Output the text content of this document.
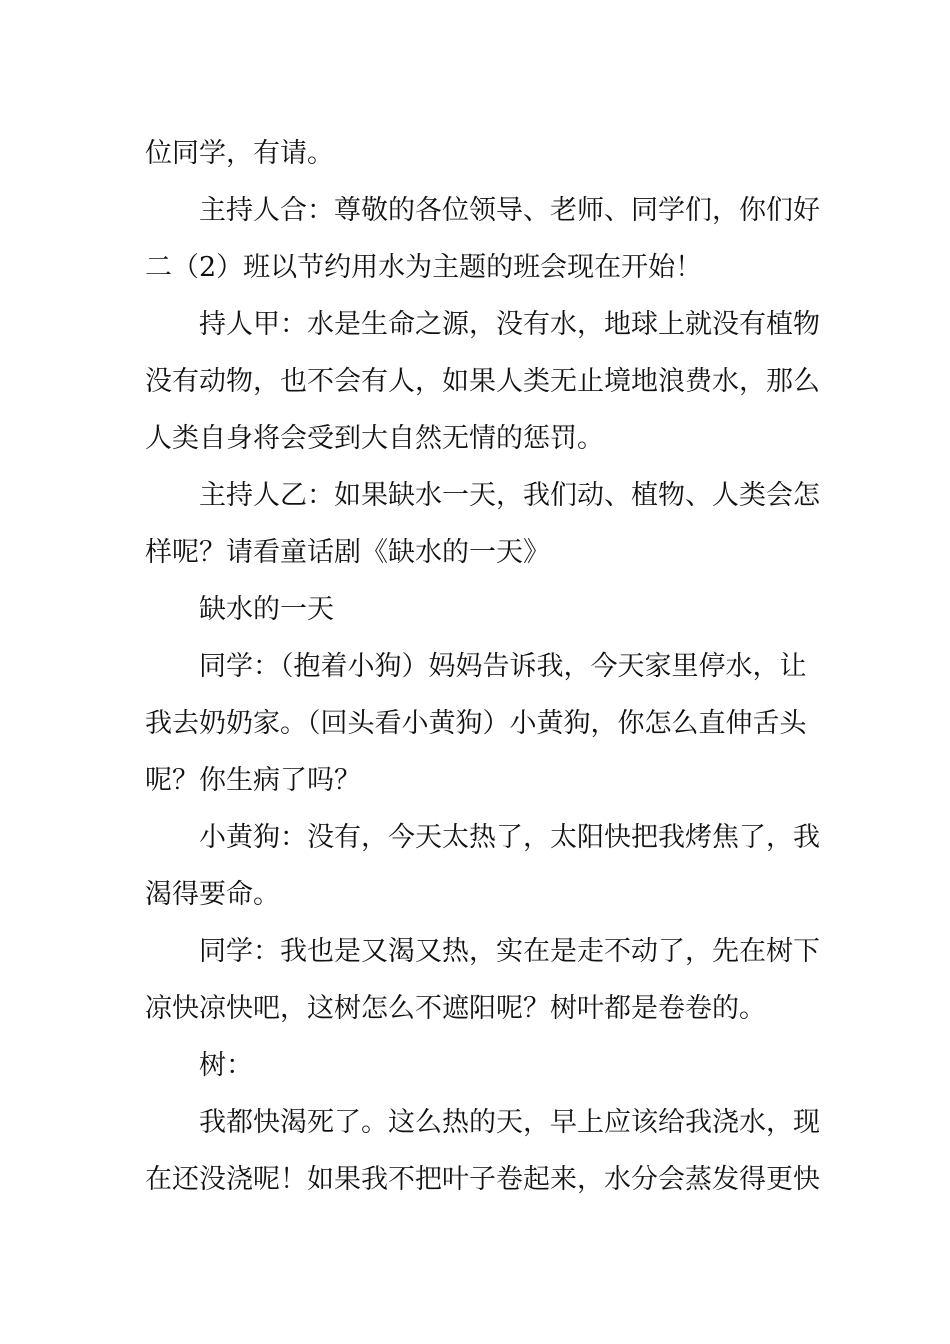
位同学，有请。
主持人合：尊敬的各位领导、老师、同学们，你们好
二（2）班以节约用水为主题的班会现在开始！
持人甲：水是生命之源，没有水，地球上就没有植物
没有动物，也不会有人，如果人类无止境地浪费水，那么
人类自身将会受到大自然无情的惩罚。
主持人乙：如果缺水一天，我们动、植物、人类会怎
样呢？请看童话剧《缺水的一天》
缺水的一天
同学：（抱着小狗）妈妈告诉我，今天家里停水，让
我去奶奶家。（回头看小黄狗）小黄狗，你怎么直伸舌头
呢？你生病了吗？
小黄狗：没有，今天太热了，太阳快把我烤焦了，我
渴得要命。
同学：我也是又渴又热，实在是走不动了，先在树下
凉快凉快吧，这树怎么不遮阳呢？树叶都是卷卷的。
树：
我都快渴死了。这么热的天，早上应该给我浇水，现
在还没浇呢！如果我不把叶子卷起来，水分会蒸发得更快
